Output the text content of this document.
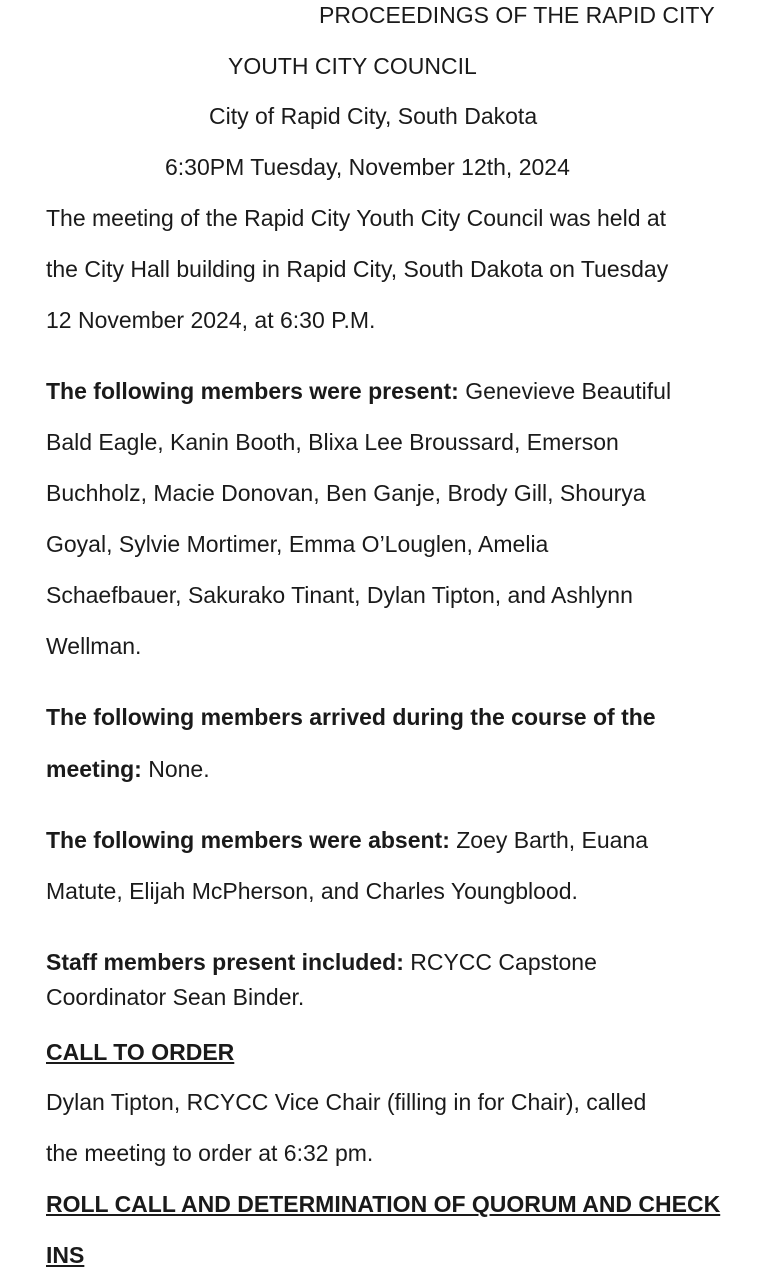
PROCEEDINGS OF THE RAPID CITY
YOUTH CITY COUNCIL
City of Rapid City, South Dakota
6:30PM Tuesday, November 12th, 2024
The meeting of the Rapid City Youth City Council was held at
the City Hall building in Rapid City, South Dakota on Tuesday
12 November 2024, at 6:30 P.M.
The following members were present: Genevieve Beautiful
Bald Eagle, Kanin Booth, Blixa Lee Broussard, Emerson
Buchholz, Macie Donovan, Ben Ganje, Brody Gill, Shourya
Goyal, Sylvie Mortimer, Emma O’Louglen, Amelia
Schaefbauer, Sakurako Tinant, Dylan Tipton, and Ashlynn
Wellman.
The following members arrived during the course of the
meeting: None.
The following members were absent: Zoey Barth, Euana
Matute, Elijah McPherson, and Charles Youngblood.
Staff members present included: RCYCC Capstone
Coordinator Sean Binder.
CALL TO ORDER
Dylan Tipton, RCYCC Vice Chair (filling in for Chair), called
the meeting to order at 6:32 pm.
ROLL CALL AND DETERMINATION OF QUORUM AND CHECK
INS
